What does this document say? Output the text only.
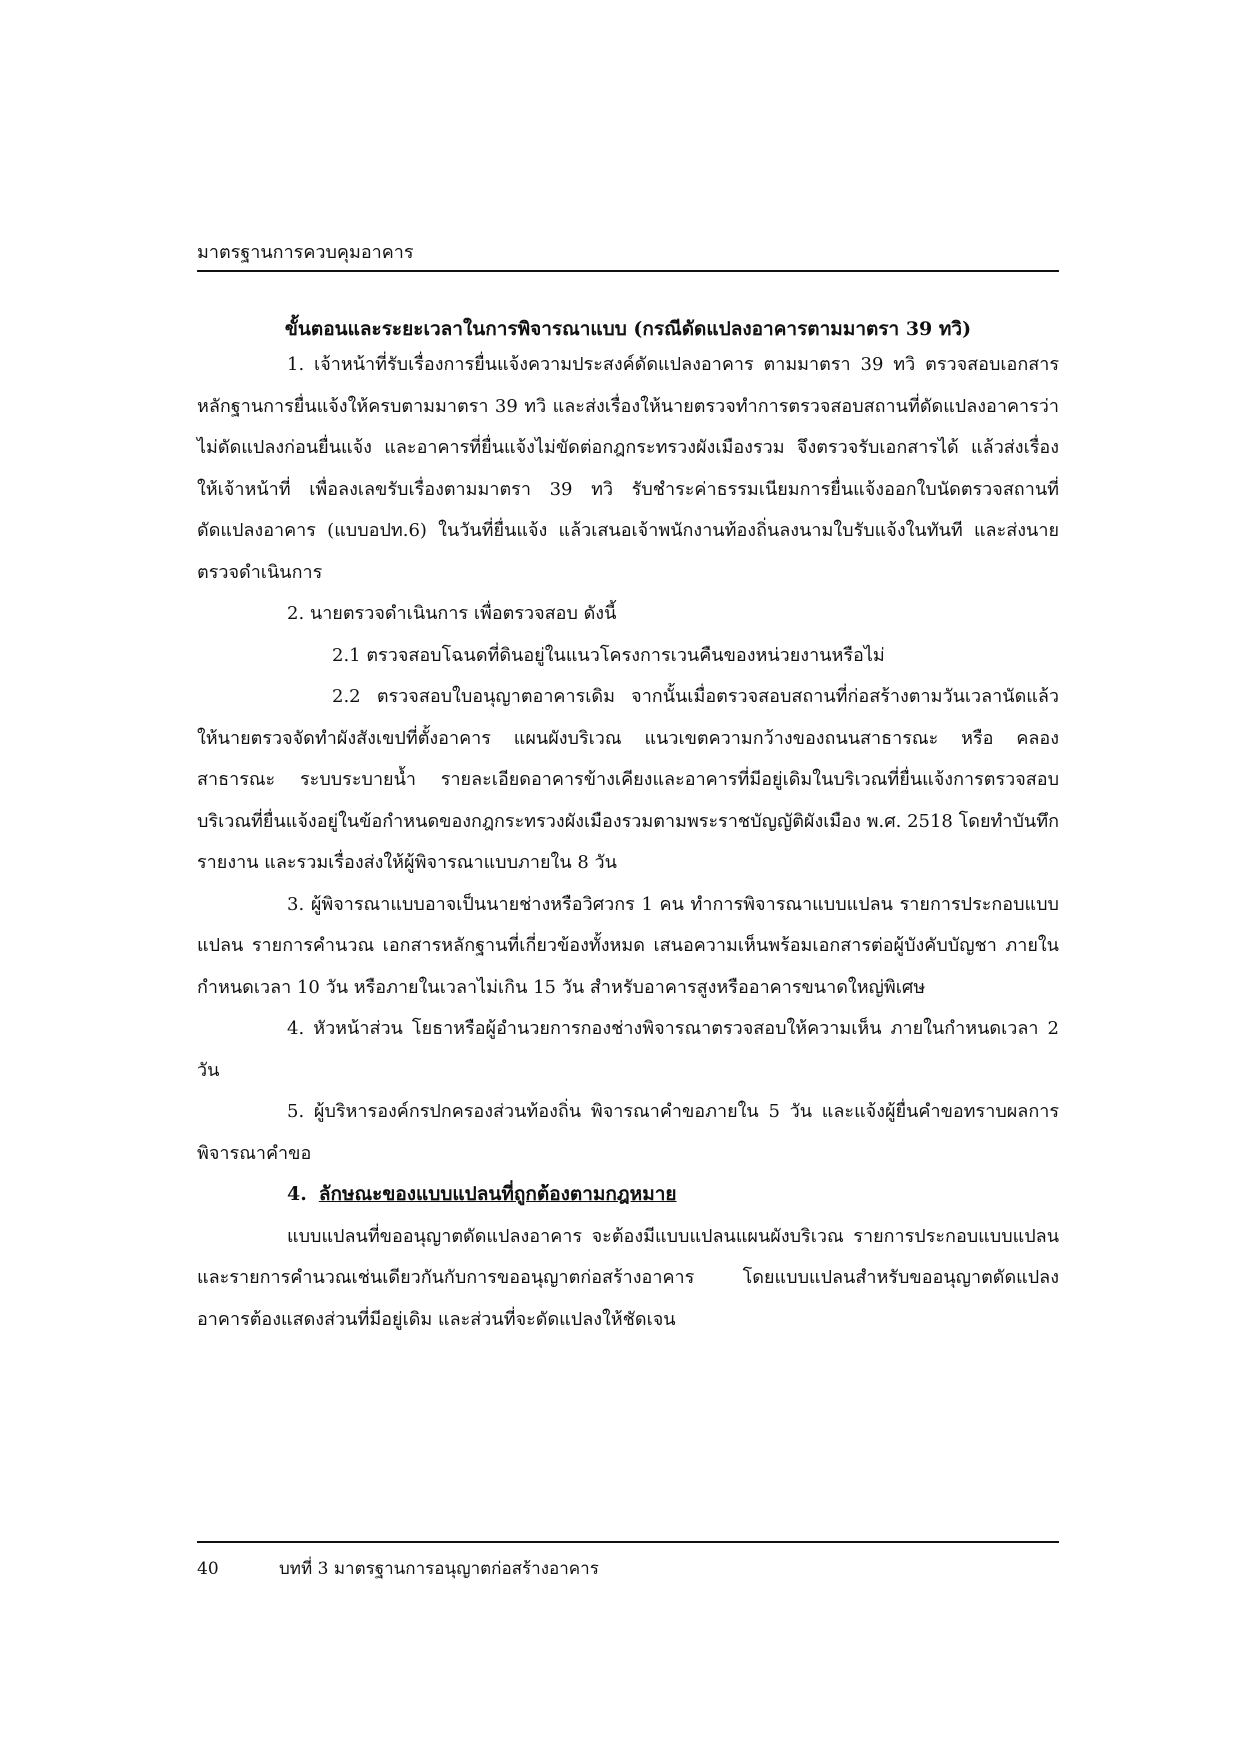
มาตรฐานการควบคุมอาคาร
ขั้นตอนและระยะเวลาในการพิจารณาแบบ (กรณีดัดแปลงอาคารตามมาตรา 39 ทวิ)

1. เจ้าหน้าที่รับเรื่องการยื่นแจ้งความประสงค์ดัดแปลงอาคาร ตามมาตรา 39 ทวิ ตรวจสอบเอกสารหลักฐานการยื่นแจ้งให้ครบตามมาตรา 39 ทวิ และส่งเรื่องให้นายตรวจทำการตรวจสอบสถานที่ดัดแปลงอาคารว่าไม่ดัดแปลงก่อนยื่นแจ้ง และอาคารที่ยื่นแจ้งไม่ขัดต่อกฎกระทรวงผังเมืองรวม จึงตรวจรับเอกสารได้ แล้วส่งเรื่องให้เจ้าหน้าที่ เพื่อลงเลขรับเรื่องตามมาตรา 39 ทวิ รับชำระค่าธรรมเนียมการยื่นแจ้งออกใบนัดตรวจสถานที่ดัดแปลงอาคาร (แบบอปท.6) ในวันที่ยื่นแจ้ง แล้วเสนอเจ้าพนักงานท้องถิ่นลงนามใบรับแจ้งในทันที และส่งนายตรวจดำเนินการ

2. นายตรวจดำเนินการ เพื่อตรวจสอบ ดังนี้

2.1 ตรวจสอบโฉนดที่ดินอยู่ในแนวโครงการเวนคืนของหน่วยงานหรือไม่

2.2 ตรวจสอบใบอนุญาตอาคารเดิม จากนั้นเมื่อตรวจสอบสถานที่ก่อสร้างตามวันเวลานัดแล้ว ให้นายตรวจจัดทำผังสังเขปที่ตั้งอาคาร แผนผังบริเวณ แนวเขตความกว้างของถนนสาธารณะ หรือ คลองสาธารณะ ระบบระบายน้ำ รายละเอียดอาคารข้างเคียงและอาคารที่มีอยู่เดิมในบริเวณที่ยื่นแจ้งการตรวจสอบบริเวณที่ยื่นแจ้งอยู่ในข้อกำหนดของกฎกระทรวงผังเมืองรวมตามพระราชบัญญัติผังเมือง พ.ศ. 2518 โดยทำบันทึกรายงาน และรวมเรื่องส่งให้ผู้พิจารณาแบบภายใน 8 วัน

3. ผู้พิจารณาแบบอาจเป็นนายช่างหรือวิศวกร 1 คน ทำการพิจารณาแบบแปลน รายการประกอบแบบแปลน รายการคำนวณ เอกสารหลักฐานที่เกี่ยวข้องทั้งหมด เสนอความเห็นพร้อมเอกสารต่อผู้บังคับบัญชา ภายในกำหนดเวลา 10 วัน หรือภายในเวลาไม่เกิน 15 วัน สำหรับอาคารสูงหรืออาคารขนาดใหญ่พิเศษ

4. หัวหน้าส่วน โยธาหรือผู้อำนวยการกองช่างพิจารณาตรวจสอบให้ความเห็น ภายในกำหนดเวลา 2 วัน

5. ผู้บริหารองค์กรปกครองส่วนท้องถิ่น พิจารณาคำขอภายใน 5 วัน และแจ้งผู้ยื่นคำขอทราบผลการพิจารณาคำขอ

4. ลักษณะของแบบแปลนที่ถูกต้องตามกฎหมาย

แบบแปลนที่ขออนุญาตดัดแปลงอาคาร จะต้องมีแบบแปลนแผนผังบริเวณ รายการประกอบแบบแปลนและรายการคำนวณเช่นเดียวกันกับการขออนุญาตก่อสร้างอาคาร โดยแบบแปลนสำหรับขออนุญาตดัดแปลงอาคารต้องแสดงส่วนที่มีอยู่เดิม และส่วนที่จะดัดแปลงให้ชัดเจน

40	บทที่ 3 มาตรฐานการอนุญาตก่อสร้างอาคาร
